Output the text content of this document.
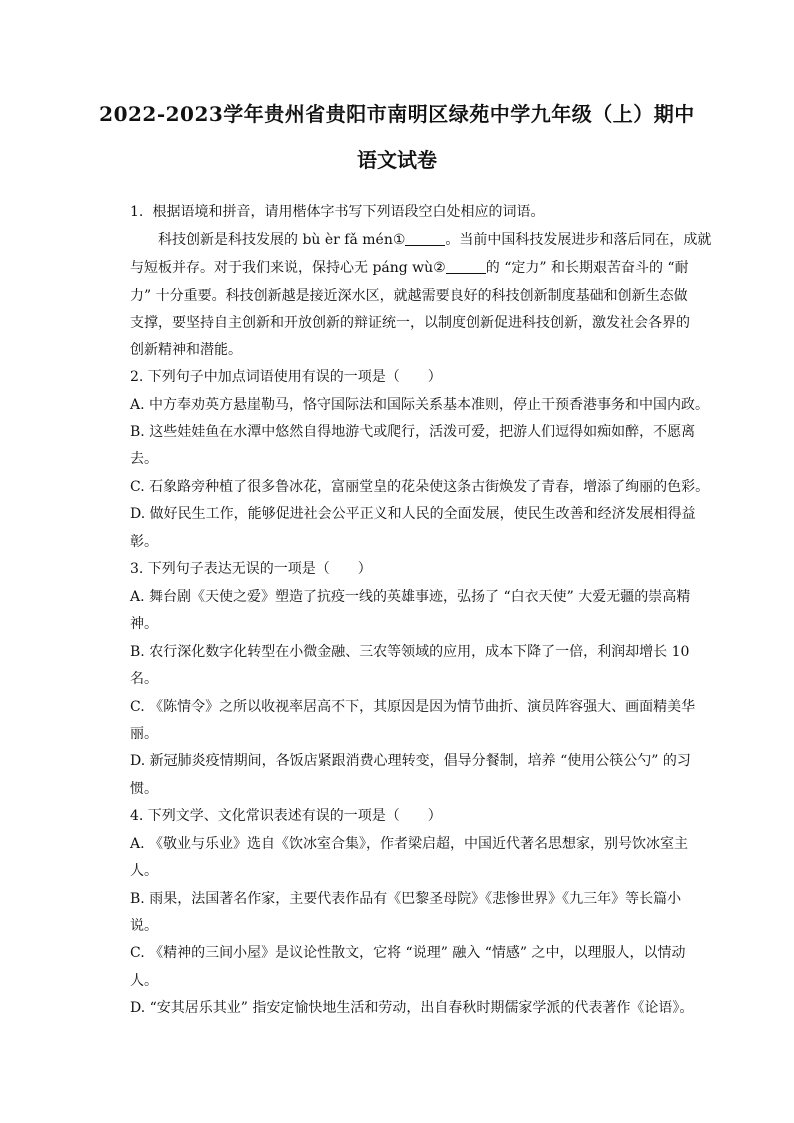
2022-2023学年贵州省贵阳市南明区绿苑中学九年级（上）期中
语文试卷
1. 根据语境和拼音，请用楷体字书写下列语段空白处相应的词语。
科技创新是科技发展的 bù èr fǎ mén①	。当前中国科技发展进步和落后同在，成就
与短板并存。对于我们来说，保持心无 páng wù②	的 “定力” 和长期艰苦奋斗的 “耐
力” 十分重要。科技创新越是接近深水区，就越需要良好的科技创新制度基础和创新生态做
支撑，要坚持自主创新和开放创新的辩证统一，以制度创新促进科技创新，激发社会各界的
创新精神和潜能。
2. 下列句子中加点词语使用有误的一项是（　　）
A. 中方奉劝英方悬崖勒马，恪守国际法和国际关系基本准则，停止干预香港事务和中国内政。
B. 这些娃娃鱼在水潭中悠然自得地游弋或爬行，活泼可爱，把游人们逗得如痴如醉，不愿离
去。
C. 石象路旁种植了很多鲁冰花，富丽堂皇的花朵使这条古街焕发了青春，增添了绚丽的色彩。
D. 做好民生工作，能够促进社会公平正义和人民的全面发展，使民生改善和经济发展相得益
彰。
3. 下列句子表达无误的一项是（　　）
A. 舞台剧《天使之爱》塑造了抗疫一线的英雄事迹，弘扬了 “白衣天使” 大爱无疆的崇高精
神。
B. 农行深化数字化转型在小微金融、三农等领域的应用，成本下降了一倍，利润却增长 10
名。
C. 《陈情令》之所以收视率居高不下，其原因是因为情节曲折、演员阵容强大、画面精美华
丽。
D. 新冠肺炎疫情期间，各饭店紧跟消费心理转变，倡导分餐制，培养 “使用公筷公勺” 的习
惯。
4. 下列文学、文化常识表述有误的一项是（　　）
A. 《敬业与乐业》选自《饮冰室合集》，作者梁启超，中国近代著名思想家，别号饮冰室主
人。
B. 雨果，法国著名作家，主要代表作品有《巴黎圣母院》《悲惨世界》《九三年》等长篇小
说。
C. 《精神的三间小屋》是议论性散文，它将 “说理” 融入 “情感” 之中，以理服人，以情动
人。
D. “安其居乐其业” 指安定愉快地生活和劳动，出自春秋时期儒家学派的代表著作《论语》。
